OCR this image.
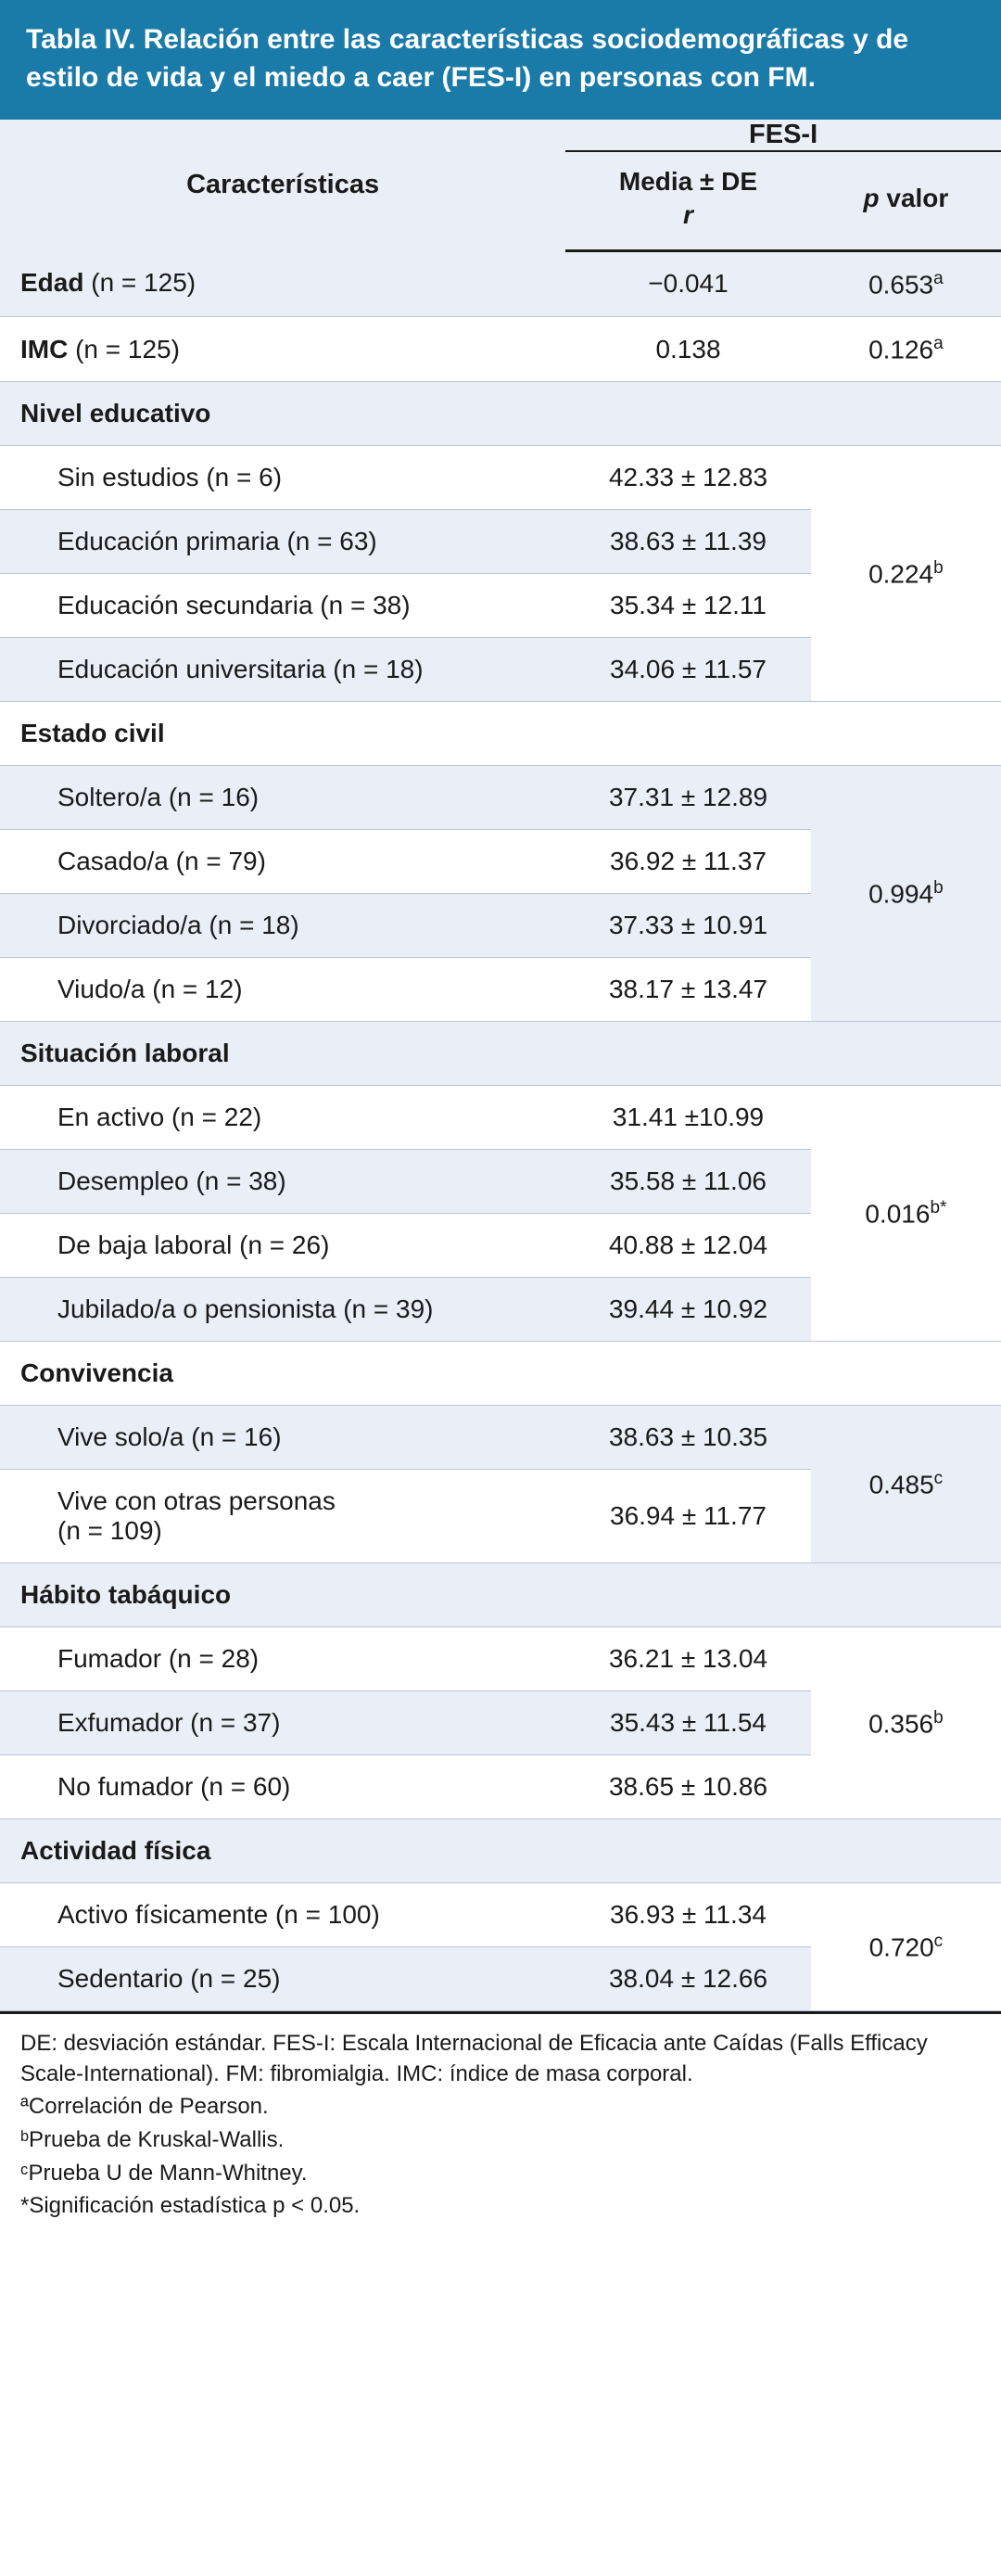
Tabla IV. Relación entre las características sociodemográficas y de estilo de vida y el miedo a caer (FES-I) en personas con FM.
Características	FES-I	
	Media ± DE
r	p valor
Edad (n = 125)	−0.041	0.653$^a$
IMC (n = 125)	0.138	0.126$^a$
Nivel educativo		
Sin estudios (n = 6)	42.33 ± 12.83	0.224$^b$
Educación primaria (n = 63)	38.63 ± 11.39	
Educación secundaria (n = 38)	35.34 ± 12.11	
Educación universitaria (n = 18)	34.06 ± 11.57	
Estado civil		
Soltero/a (n = 16)	37.31 ± 12.89	0.994$^b$
Casado/a (n = 79)	36.92 ± 11.37	
Divorciado/a (n = 18)	37.33 ± 10.91	
Viudo/a (n = 12)	38.17 ± 13.47	
Situación laboral		
En activo (n = 22)	31.41 ±10.99	$0.016^{b*}$
Desempleo (n = 38)	35.58 ± 11.06	
De baja laboral (n = 26)	40.88 ± 12.04	
Jubilado/a o pensionista (n = 39)	39.44 ± 10.92	
Convivencia		
Vive solo/a (n = 16)	38.63 ± 10.35	0.485$^c$
Vive con otras personas
(n = 109)	36.94 ± 11.77	
Hábito tabáquico		
Fumador (n = 28)	36.21 ± 13.04	0.356$^b$
Exfumador (n = 37)	35.43 ± 11.54	
No fumador (n = 60)	38.65 ± 10.86	
Actividad física		
Activo físicamente (n = 100)	36.93 ± 11.34	0.720$^c$
Sedentario (n = 25)	38.04 ± 12.66	
DE: desviación estándar. FES-I: Escala Internacional de Eficacia ante Caídas (Falls Efficacy Scale-International). FM: fibromialgia. IMC: índice de masa corporal.
ªCorrelación de Pearson.
ᵇPrueba de Kruskal-Wallis.
ᶜPrueba U de Mann-Whitney.
*Significación estadística p < 0.05.
